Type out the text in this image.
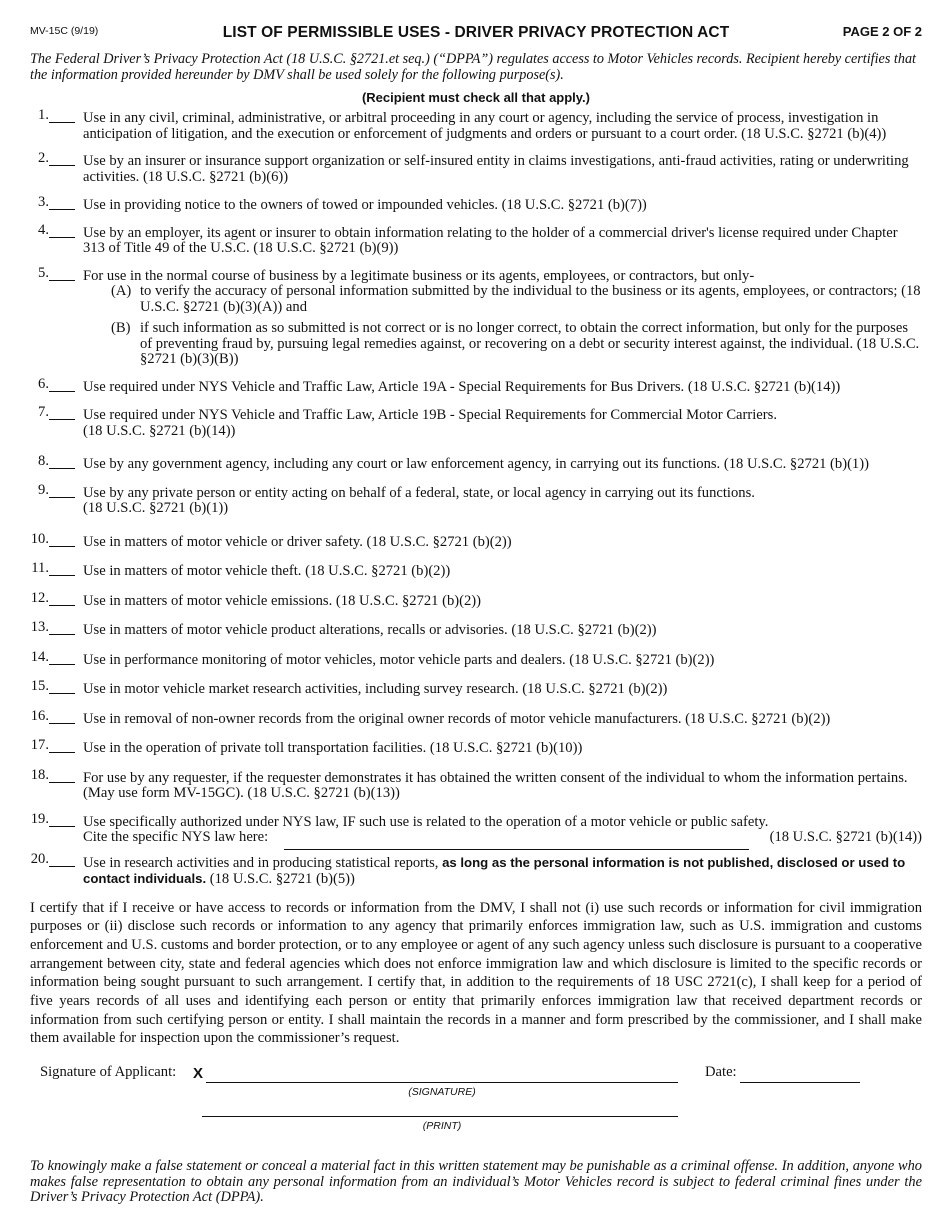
MV-15C (9/19)	LIST OF PERMISSIBLE USES - DRIVER PRIVACY PROTECTION ACT	PAGE 2 OF 2
The Federal Driver’s Privacy Protection Act (18 U.S.C. §2721.et seq.) (“DPPA”) regulates access to Motor Vehicles records. Recipient hereby certifies that the information provided hereunder by DMV shall be used solely for the following purpose(s).
(Recipient must check all that apply.)
1. Use in any civil, criminal, administrative, or arbitral proceeding in any court or agency, including the service of process, investigation in anticipation of litigation, and the execution or enforcement of judgments and orders or pursuant to a court order. (18 U.S.C. §2721 (b)(4))
2. Use by an insurer or insurance support organization or self-insured entity in claims investigations, anti-fraud activities, rating or underwriting activities. (18 U.S.C. §2721 (b)(6))
3. Use in providing notice to the owners of towed or impounded vehicles. (18 U.S.C. §2721 (b)(7))
4. Use by an employer, its agent or insurer to obtain information relating to the holder of a commercial driver's license required under Chapter 313 of Title 49 of the U.S.C. (18 U.S.C. §2721 (b)(9))
5. For use in the normal course of business by a legitimate business or its agents, employees, or contractors, but only-
(A) to verify the accuracy of personal information submitted by the individual to the business or its agents, employees, or contractors; (18 U.S.C. §2721 (b)(3)(A)) and
(B) if such information as so submitted is not correct or is no longer correct, to obtain the correct information, but only for the purposes of preventing fraud by, pursuing legal remedies against, or recovering on a debt or security interest against, the individual. (18 U.S.C. §2721 (b)(3)(B))
6. Use required under NYS Vehicle and Traffic Law, Article 19A - Special Requirements for Bus Drivers. (18 U.S.C. §2721 (b)(14))
7. Use required under NYS Vehicle and Traffic Law, Article 19B - Special Requirements for Commercial Motor Carriers.
(18 U.S.C. §2721 (b)(14))
8. Use by any government agency, including any court or law enforcement agency, in carrying out its functions. (18 U.S.C. §2721 (b)(1))
9. Use by any private person or entity acting on behalf of a federal, state, or local agency in carrying out its functions.
(18 U.S.C. §2721 (b)(1))
10. Use in matters of motor vehicle or driver safety. (18 U.S.C. §2721 (b)(2))
11. Use in matters of motor vehicle theft. (18 U.S.C. §2721 (b)(2))
12. Use in matters of motor vehicle emissions. (18 U.S.C. §2721 (b)(2))
13. Use in matters of motor vehicle product alterations, recalls or advisories. (18 U.S.C. §2721 (b)(2))
14. Use in performance monitoring of motor vehicles, motor vehicle parts and dealers. (18 U.S.C. §2721 (b)(2))
15. Use in motor vehicle market research activities, including survey research. (18 U.S.C. §2721 (b)(2))
16. Use in removal of non-owner records from the original owner records of motor vehicle manufacturers. (18 U.S.C. §2721 (b)(2))
17. Use in the operation of private toll transportation facilities. (18 U.S.C. §2721 (b)(10))
18. For use by any requester, if the requester demonstrates it has obtained the written consent of the individual to whom the information pertains. (May use form MV-15GC). (18 U.S.C. §2721 (b)(13))
19. Use specifically authorized under NYS law, IF such use is related to the operation of a motor vehicle or public safety.
Cite the specific NYS law here:	(18 U.S.C. §2721 (b)(14))
20. Use in research activities and in producing statistical reports, as long as the personal information is not published, disclosed or used to contact individuals. (18 U.S.C. §2721 (b)(5))
I certify that if I receive or have access to records or information from the DMV, I shall not (i) use such records or information for civil immigration purposes or (ii) disclose such records or information to any agency that primarily enforces immigration law, such as U.S. immigration and customs enforcement and U.S. customs and border protection, or to any employee or agent of any such agency unless such disclosure is pursuant to a cooperative arrangement between city, state and federal agencies which does not enforce immigration law and which disclosure is limited to the specific records or information being sought pursuant to such arrangement. I certify that, in addition to the requirements of 18 USC 2721(c), I shall keep for a period of five years records of all uses and identifying each person or entity that primarily enforces immigration law that received department records or information from such certifying person or entity. I shall maintain the records in a manner and form prescribed by the commissioner, and I shall make them available for inspection upon the commissioner’s request.
Signature of Applicant: X
(SIGNATURE)
Date:
(PRINT)
To knowingly make a false statement or conceal a material fact in this written statement may be punishable as a criminal offense. In addition, anyone who makes false representation to obtain any personal information from an individual’s Motor Vehicles record is subject to federal criminal fines under the Driver’s Privacy Protection Act (DPPA).
